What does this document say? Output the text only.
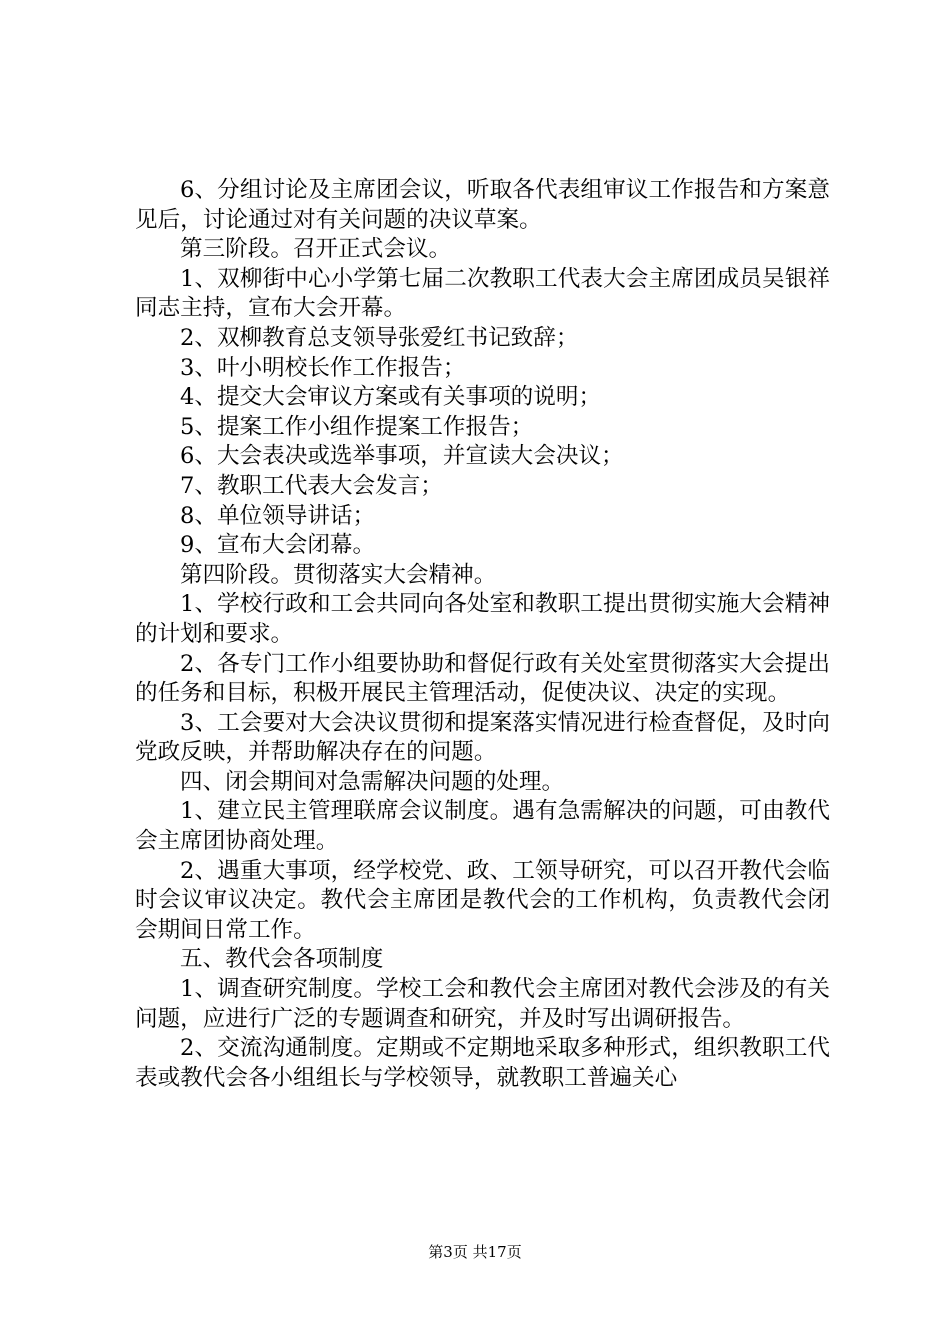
6、分组讨论及主席团会议，听取各代表组审议工作报告和方案意见后，讨论通过对有关问题的决议草案。

第三阶段。召开正式会议。

1、双柳街中心小学第七届二次教职工代表大会主席团成员吴银祥同志主持，宣布大会开幕。

2、双柳教育总支领导张爱红书记致辞；

3、叶小明校长作工作报告；

4、提交大会审议方案或有关事项的说明；

5、提案工作小组作提案工作报告；

6、大会表决或选举事项，并宣读大会决议；

7、教职工代表大会发言；

8、单位领导讲话；

9、宣布大会闭幕。

第四阶段。贯彻落实大会精神。

1、学校行政和工会共同向各处室和教职工提出贯彻实施大会精神的计划和要求。

2、各专门工作小组要协助和督促行政有关处室贯彻落实大会提出的任务和目标，积极开展民主管理活动，促使决议、决定的实现。

3、工会要对大会决议贯彻和提案落实情况进行检查督促，及时向党政反映，并帮助解决存在的问题。

四、闭会期间对急需解决问题的处理。

1、建立民主管理联席会议制度。遇有急需解决的问题，可由教代会主席团协商处理。

2、遇重大事项，经学校党、政、工领导研究，可以召开教代会临时会议审议决定。教代会主席团是教代会的工作机构，负责教代会闭会期间日常工作。

五、教代会各项制度

1、调查研究制度。学校工会和教代会主席团对教代会涉及的有关问题，应进行广泛的专题调查和研究，并及时写出调研报告。

2、交流沟通制度。定期或不定期地采取多种形式，组织教职工代表或教代会各小组组长与学校领导，就教职工普遍关心

第3页 共17页
